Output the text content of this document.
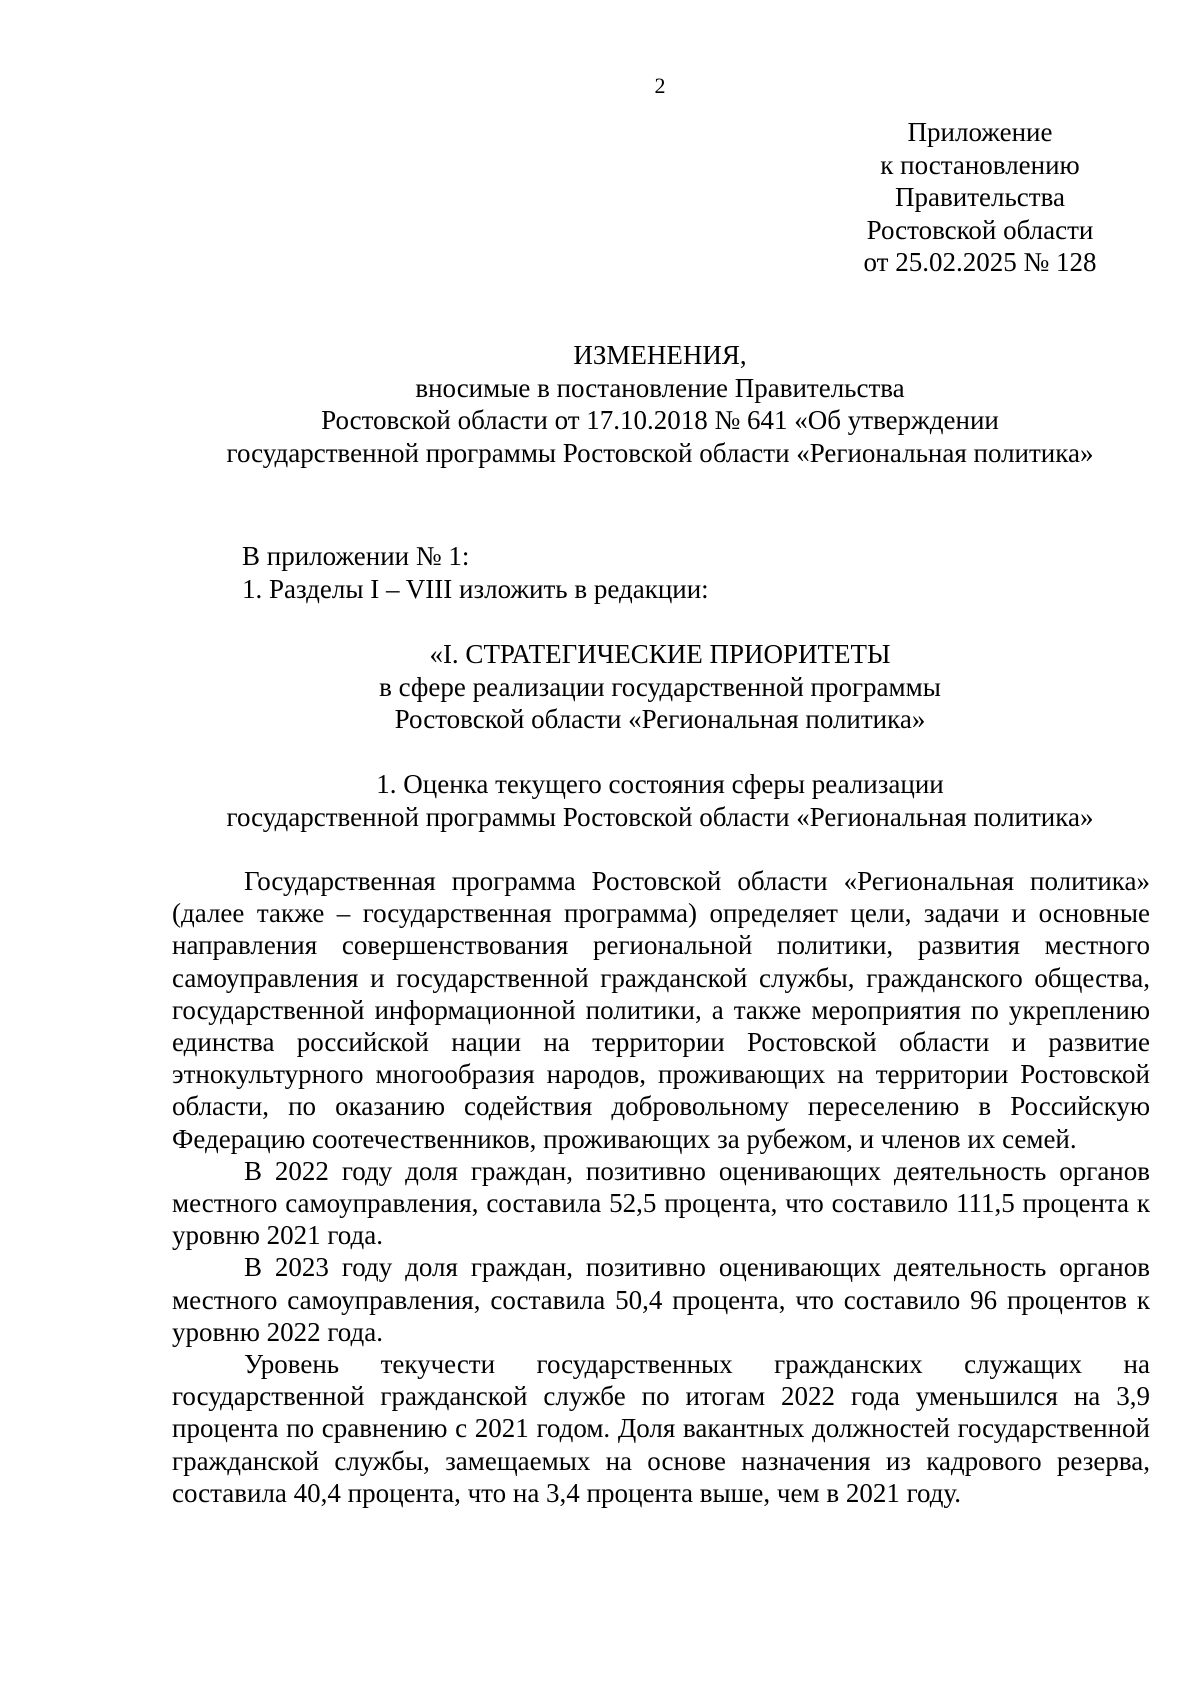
2
Приложение
к постановлению
Правительства
Ростовской области
от 25.02.2025 № 128
ИЗМЕНЕНИЯ,
вносимые в постановление Правительства
Ростовской области от 17.10.2018 № 641 «Об утверждении
государственной программы Ростовской области «Региональная политика»
В приложении № 1:
1. Разделы I – VIII изложить в редакции:
«I. СТРАТЕГИЧЕСКИЕ ПРИОРИТЕТЫ
в сфере реализации государственной программы
Ростовской области «Региональная политика»
1. Оценка текущего состояния сферы реализации
государственной программы Ростовской области «Региональная политика»

Государственная программа Ростовской области «Региональная политика» (далее также – государственная программа) определяет цели, задачи и основные направления совершенствования региональной политики, развития местного самоуправления и государственной гражданской службы, гражданского общества, государственной информационной политики, а также мероприятия по укреплению единства российской нации на территории Ростовской области и развитие этнокультурного многообразия народов, проживающих на территории Ростовской области, по оказанию содействия добровольному переселению в Российскую Федерацию соотечественников, проживающих за рубежом, и членов их семей.

В 2022 году доля граждан, позитивно оценивающих деятельность органов местного самоуправления, составила 52,5 процента, что составило 111,5 процента к уровню 2021 года.

В 2023 году доля граждан, позитивно оценивающих деятельность органов местного самоуправления, составила 50,4 процента, что составило 96 процентов к уровню 2022 года.

Уровень текучести государственных гражданских служащих на государственной гражданской службе по итогам 2022 года уменьшился на 3,9 процента по сравнению с 2021 годом. Доля вакантных должностей государственной гражданской службы, замещаемых на основе назначения из кадрового резерва, составила 40,4 процента, что на 3,4 процента выше, чем в 2021 году.
